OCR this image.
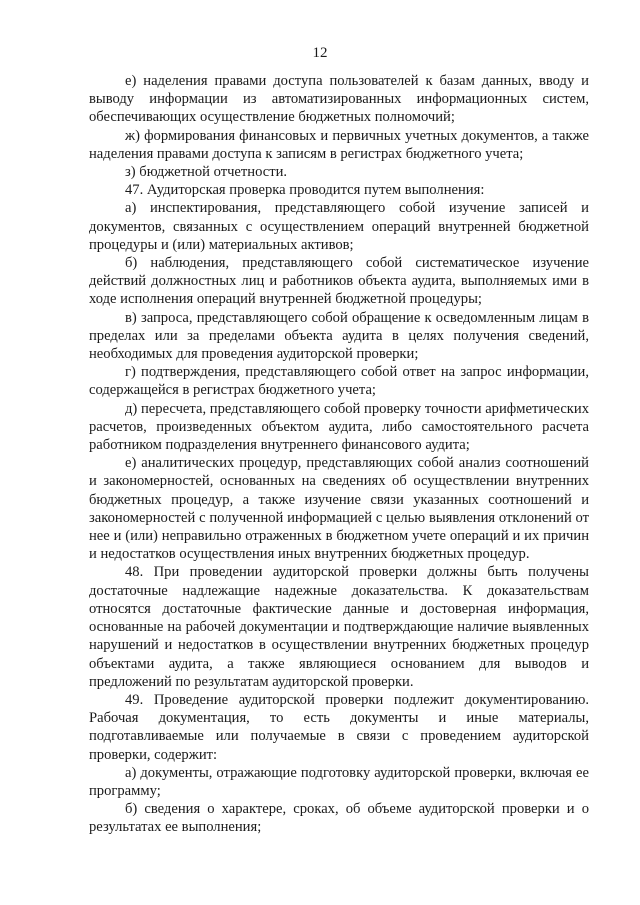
12

е) наделения правами доступа пользователей к базам данных, вводу и выводу информации из автоматизированных информационных систем, обеспечивающих осуществление бюджетных полномочий;

ж) формирования финансовых и первичных учетных документов, а также наделения правами доступа к записям в регистрах бюджетного учета;

з) бюджетной отчетности.

47. Аудиторская проверка проводится путем выполнения:

а) инспектирования, представляющего собой изучение записей и документов, связанных с осуществлением операций внутренней бюджетной процедуры и (или) материальных активов;

б) наблюдения, представляющего собой систематическое изучение действий должностных лиц и работников объекта аудита, выполняемых ими в ходе исполнения операций внутренней бюджетной процедуры;

в) запроса, представляющего собой обращение к осведомленным лицам в пределах или за пределами объекта аудита в целях получения сведений, необходимых для проведения аудиторской проверки;

г) подтверждения, представляющего собой ответ на запрос информации, содержащейся в регистрах бюджетного учета;

д) пересчета, представляющего собой проверку точности арифметических расчетов, произведенных объектом аудита, либо самостоятельного расчета работником подразделения внутреннего финансового аудита;

е) аналитических процедур, представляющих собой анализ соотношений и закономерностей, основанных на сведениях об осуществлении внутренних бюджетных процедур, а также изучение связи указанных соотношений и закономерностей с полученной информацией с целью выявления отклонений от нее и (или) неправильно отраженных в бюджетном учете операций и их причин и недостатков осуществления иных внутренних бюджетных процедур.

48. При проведении аудиторской проверки должны быть получены достаточные надлежащие надежные доказательства. К доказательствам относятся достаточные фактические данные и достоверная информация, основанные на рабочей документации и подтверждающие наличие выявленных нарушений и недостатков в осуществлении внутренних бюджетных процедур объектами аудита, а также являющиеся основанием для выводов и предложений по результатам аудиторской проверки.

49. Проведение аудиторской проверки подлежит документированию. Рабочая документация, то есть документы и иные материалы, подготавливаемые или получаемые в связи с проведением аудиторской проверки, содержит:

а) документы, отражающие подготовку аудиторской проверки, включая ее программу;

б) сведения о характере, сроках, об объеме аудиторской проверки и о результатах ее выполнения;
